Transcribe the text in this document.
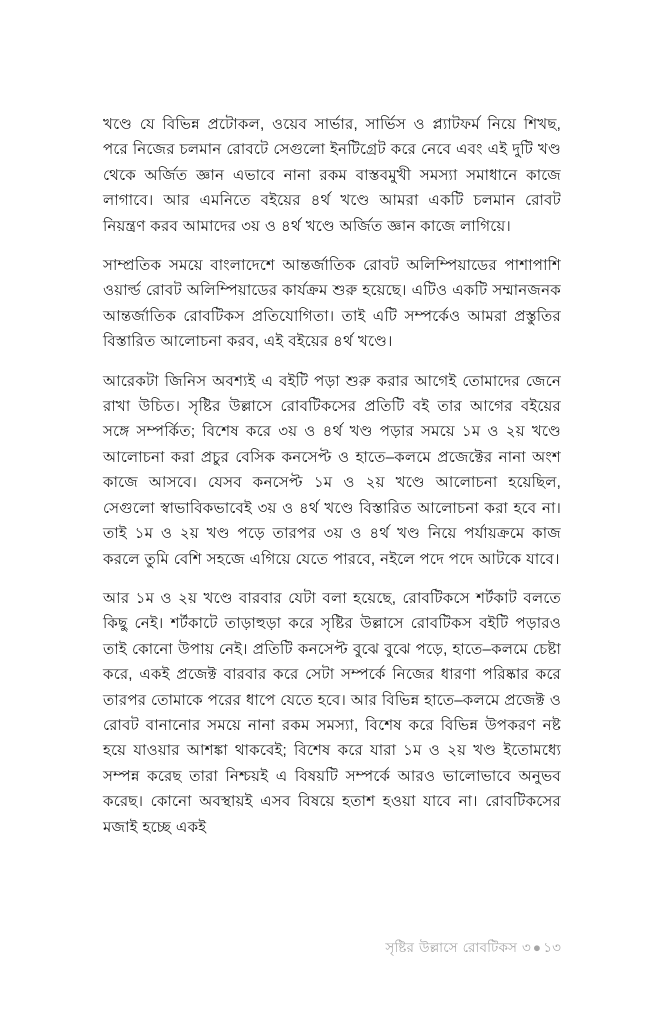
খণ্ডে যে বিভিন্ন প্রটোকল, ওয়েব সার্ভার, সার্ভিস ও প্ল্যাটফর্ম নিয়ে শিখছ, পরে নিজের চলমান রোবটে সেগুলো ইনটিগ্রেট করে নেবে এবং এই দুটি খণ্ড থেকে অর্জিত জ্ঞান এভাবে নানা রকম বাস্তবমুখী সমস্যা সমাধানে কাজে লাগাবে। আর এমনিতে বইয়ের ৪র্থ খণ্ডে আমরা একটি চলমান রোবট নিয়ন্ত্রণ করব আমাদের ৩য় ও ৪র্থ খণ্ডে অর্জিত জ্ঞান কাজে লাগিয়ে।

সাম্প্রতিক সময়ে বাংলাদেশে আন্তর্জাতিক রোবট অলিম্পিয়াডের পাশাপাশি ওয়ার্ল্ড রোবট অলিম্পিয়াডের কার্যক্রম শুরু হয়েছে। এটিও একটি সম্মানজনক আন্তর্জাতিক রোবটিকস প্রতিযোগিতা। তাই এটি সম্পর্কেও আমরা প্রস্তুতির বিস্তারিত আলোচনা করব, এই বইয়ের ৪র্থ খণ্ডে।

আরেকটা জিনিস অবশ্যই এ বইটি পড়া শুরু করার আগেই তোমাদের জেনে রাখা উচিত। সৃষ্টির উল্লাসে রোবটিকসের প্রতিটি বই তার আগের বইয়ের সঙ্গে সম্পর্কিত; বিশেষ করে ৩য় ও ৪র্থ খণ্ড পড়ার সময়ে ১ম ও ২য় খণ্ডে আলোচনা করা প্রচুর বেসিক কনসেপ্ট ও হাতে–কলমে প্রজেক্টের নানা অংশ কাজে আসবে। যেসব কনসেপ্ট ১ম ও ২য় খণ্ডে আলোচনা হয়েছিল, সেগুলো স্বাভাবিকভাবেই ৩য় ও ৪র্থ খণ্ডে বিস্তারিত আলোচনা করা হবে না। তাই ১ম ও ২য় খণ্ড পড়ে তারপর ৩য় ও ৪র্থ খণ্ড নিয়ে পর্যায়ক্রমে কাজ করলে তুমি বেশি সহজে এগিয়ে যেতে পারবে, নইলে পদে পদে আটকে যাবে।

আর ১ম ও ২য় খণ্ডে বারবার যেটা বলা হয়েছে, রোবটিকসে শর্টকাট বলতে কিছু নেই। শর্টকাটে তাড়াহুড়া করে সৃষ্টির উল্লাসে রোবটিকস বইটি পড়ারও তাই কোনো উপায় নেই। প্রতিটি কনসেপ্ট বুঝে বুঝে পড়ে, হাতে–কলমে চেষ্টা করে, একই প্রজেক্ট বারবার করে সেটা সম্পর্কে নিজের ধারণা পরিষ্কার করে তারপর তোমাকে পরের ধাপে যেতে হবে। আর বিভিন্ন হাতে–কলমে প্রজেক্ট ও রোবট বানানোর সময়ে নানা রকম সমস্যা, বিশেষ করে বিভিন্ন উপকরণ নষ্ট হয়ে যাওয়ার আশঙ্কা থাকবেই; বিশেষ করে যারা ১ম ও ২য় খণ্ড ইতোমধ্যে সম্পন্ন করেছ তারা নিশ্চয়ই এ বিষয়টি সম্পর্কে আরও ভালোভাবে অনুভব করেছ। কোনো অবস্থায়ই এসব বিষয়ে হতাশ হওয়া যাবে না। রোবটিকসের মজাই হচ্ছে একই

সৃষ্টির উল্লাসে রোবটিকস ৩ ● ১৩
